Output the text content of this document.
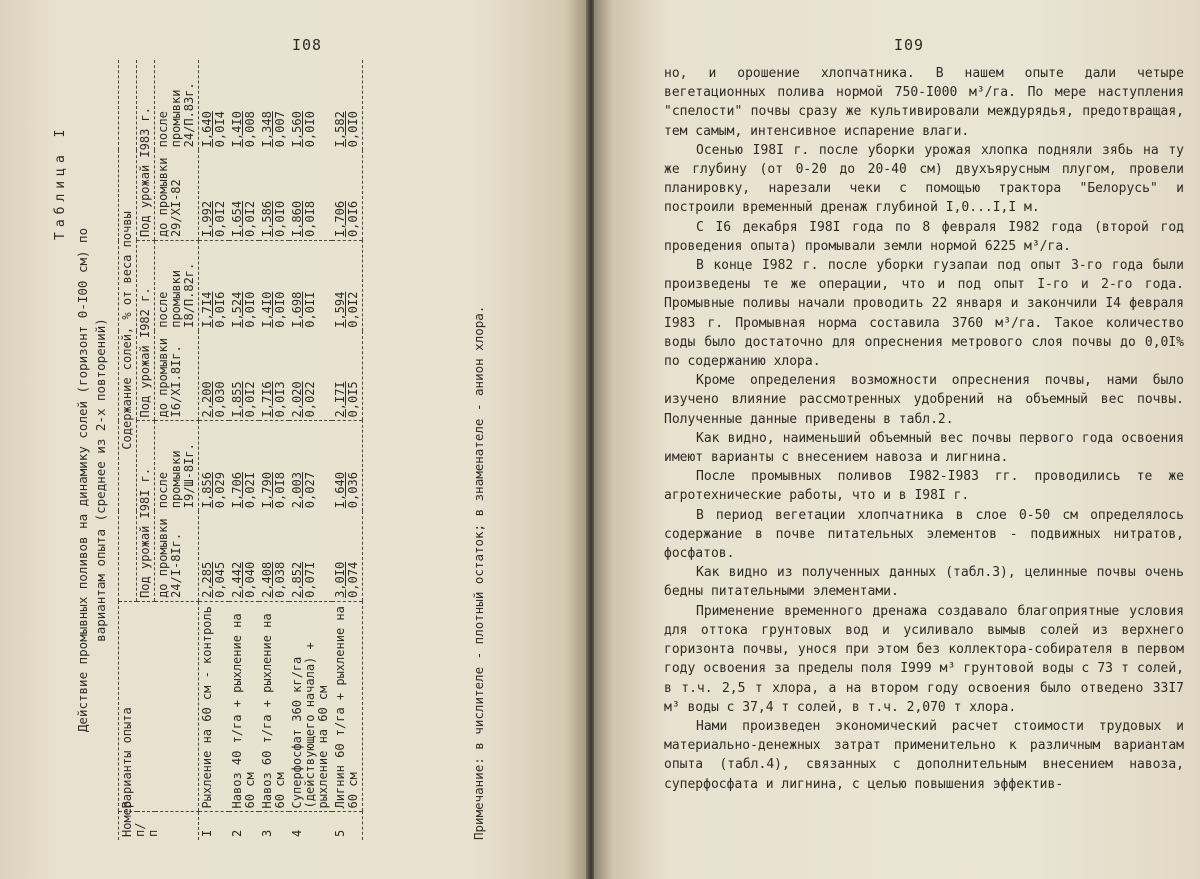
I08
Таблица I
Действие промывных поливов на динамику солей (горизонт 0-I00 см) по вариантам опыта (среднее из 2-х повторений)
Номер п/п	Варианты опыта	Содержание солей, % от веса почвы					
		Под урожай I98I г.		Под урожай I982 г.		Под урожай I983 г.	
		до промывки 24/I-8Iг.	после промывки I9/Ш-8Iг.	до промывки I6/XI.8Iг.	после промывки I8/П.82г.	до промывки 29/XI-82	после промывки 24/П.83г.
I	Рыхление на 60 см - контроль	2,285 0,045	I,856 0,029	2,200 0,030	I,7I4 0,0I6	I,992 0,0I2	I,640 0,0I4

2	Навоз 40 т/га + рыхление на 60 см	2,442 0,040	I,706 0,02I	I,855 0,0I2	I,524 0,0I0	I,654 0,0I2	I,4I0 0,008

3	Навоз 60 т/га + рыхление на 60 см	2,408 0,038	I,790 0,0I8	I,7I6 0,0I3	I,4I0 0,0I0	I,586 0,0I0	I,348 0,007

4	Суперфосфат 360 кг/га (действующего начала) + рыхление на 60 см	2,852 0,07I	2,003 0,027	2,020 0,022	I,698 0,0II	I,860 0,0I8	I,560 0,0I0

5	Лигнин 60 т/га + рыхление на 60 см	3,0I0 0,074	I,640 0,036	2,I7I 0,0I5	I,594 0,0I2	I,706 0,0I6	I,582 0,0I0
Примечание: в числителе - плотный остаток; в знаменателе - анион хлора.
I09

но, и орошение хлопчатника. В нашем опыте дали четыре вегетационных полива нормой 750-I000 м³/га. По мере наступления "спелости" почвы сразу же культивировали междурядья, предотвращая, тем самым, интенсивное испарение влаги.

Осенью I98I г. после уборки урожая хлопка подняли зябь на ту же глубину (от 0-20 до 20-40 см) двухъярусным плугом, провели планировку, нарезали чеки с помощью трактора "Белорусь" и построили временный дренаж глубиной I,0...I,I м.

С I6 декабря I98I года по 8 февраля I982 года (второй год проведения опыта) промывали земли нормой 6225 м³/га.

В конце I982 г. после уборки гузапаи под опыт 3-го года были произведены те же операции, что и под опыт I-го и 2-го года. Промывные поливы начали проводить 22 января и закончили I4 февраля I983 г. Промывная норма составила 3760 м³/га. Такое количество воды было достаточно для опреснения метрового слоя почвы до 0,0I% по содержанию хлора.

Кроме определения возможности опреснения почвы, нами было изучено влияние рассмотренных удобрений на объемный вес почвы. Полученные данные приведены в табл.2.

Как видно, наименьший объемный вес почвы первого года освоения имеют варианты с внесением навоза и лигнина.

После промывных поливов I982-I983 гг. проводились те же агротехнические работы, что и в I98I г.

В период вегетации хлопчатника в слое 0-50 см определялось содержание в почве питательных элементов - подвижных нитратов, фосфатов.

Как видно из полученных данных (табл.3), целинные почвы очень бедны питательными элементами.

Применение временного дренажа создавало благоприятные условия для оттока грунтовых вод и усиливало вымыв солей из верхнего горизонта почвы, унося при этом без коллектора-собирателя в первом году освоения за пределы поля I999 м³ грунтовой воды с 73 т солей, в т.ч. 2,5 т хлора, а на втором году освоения было отведено 33I7 м³ воды с 37,4 т солей, в т.ч. 2,070 т хлора.

Нами произведен экономический расчет стоимости трудовых и материально-денежных затрат применительно к различным вариантам опыта (табл.4), связанных с дополнительным внесением навоза, суперфосфата и лигнина, с целью повышения эффектив-
